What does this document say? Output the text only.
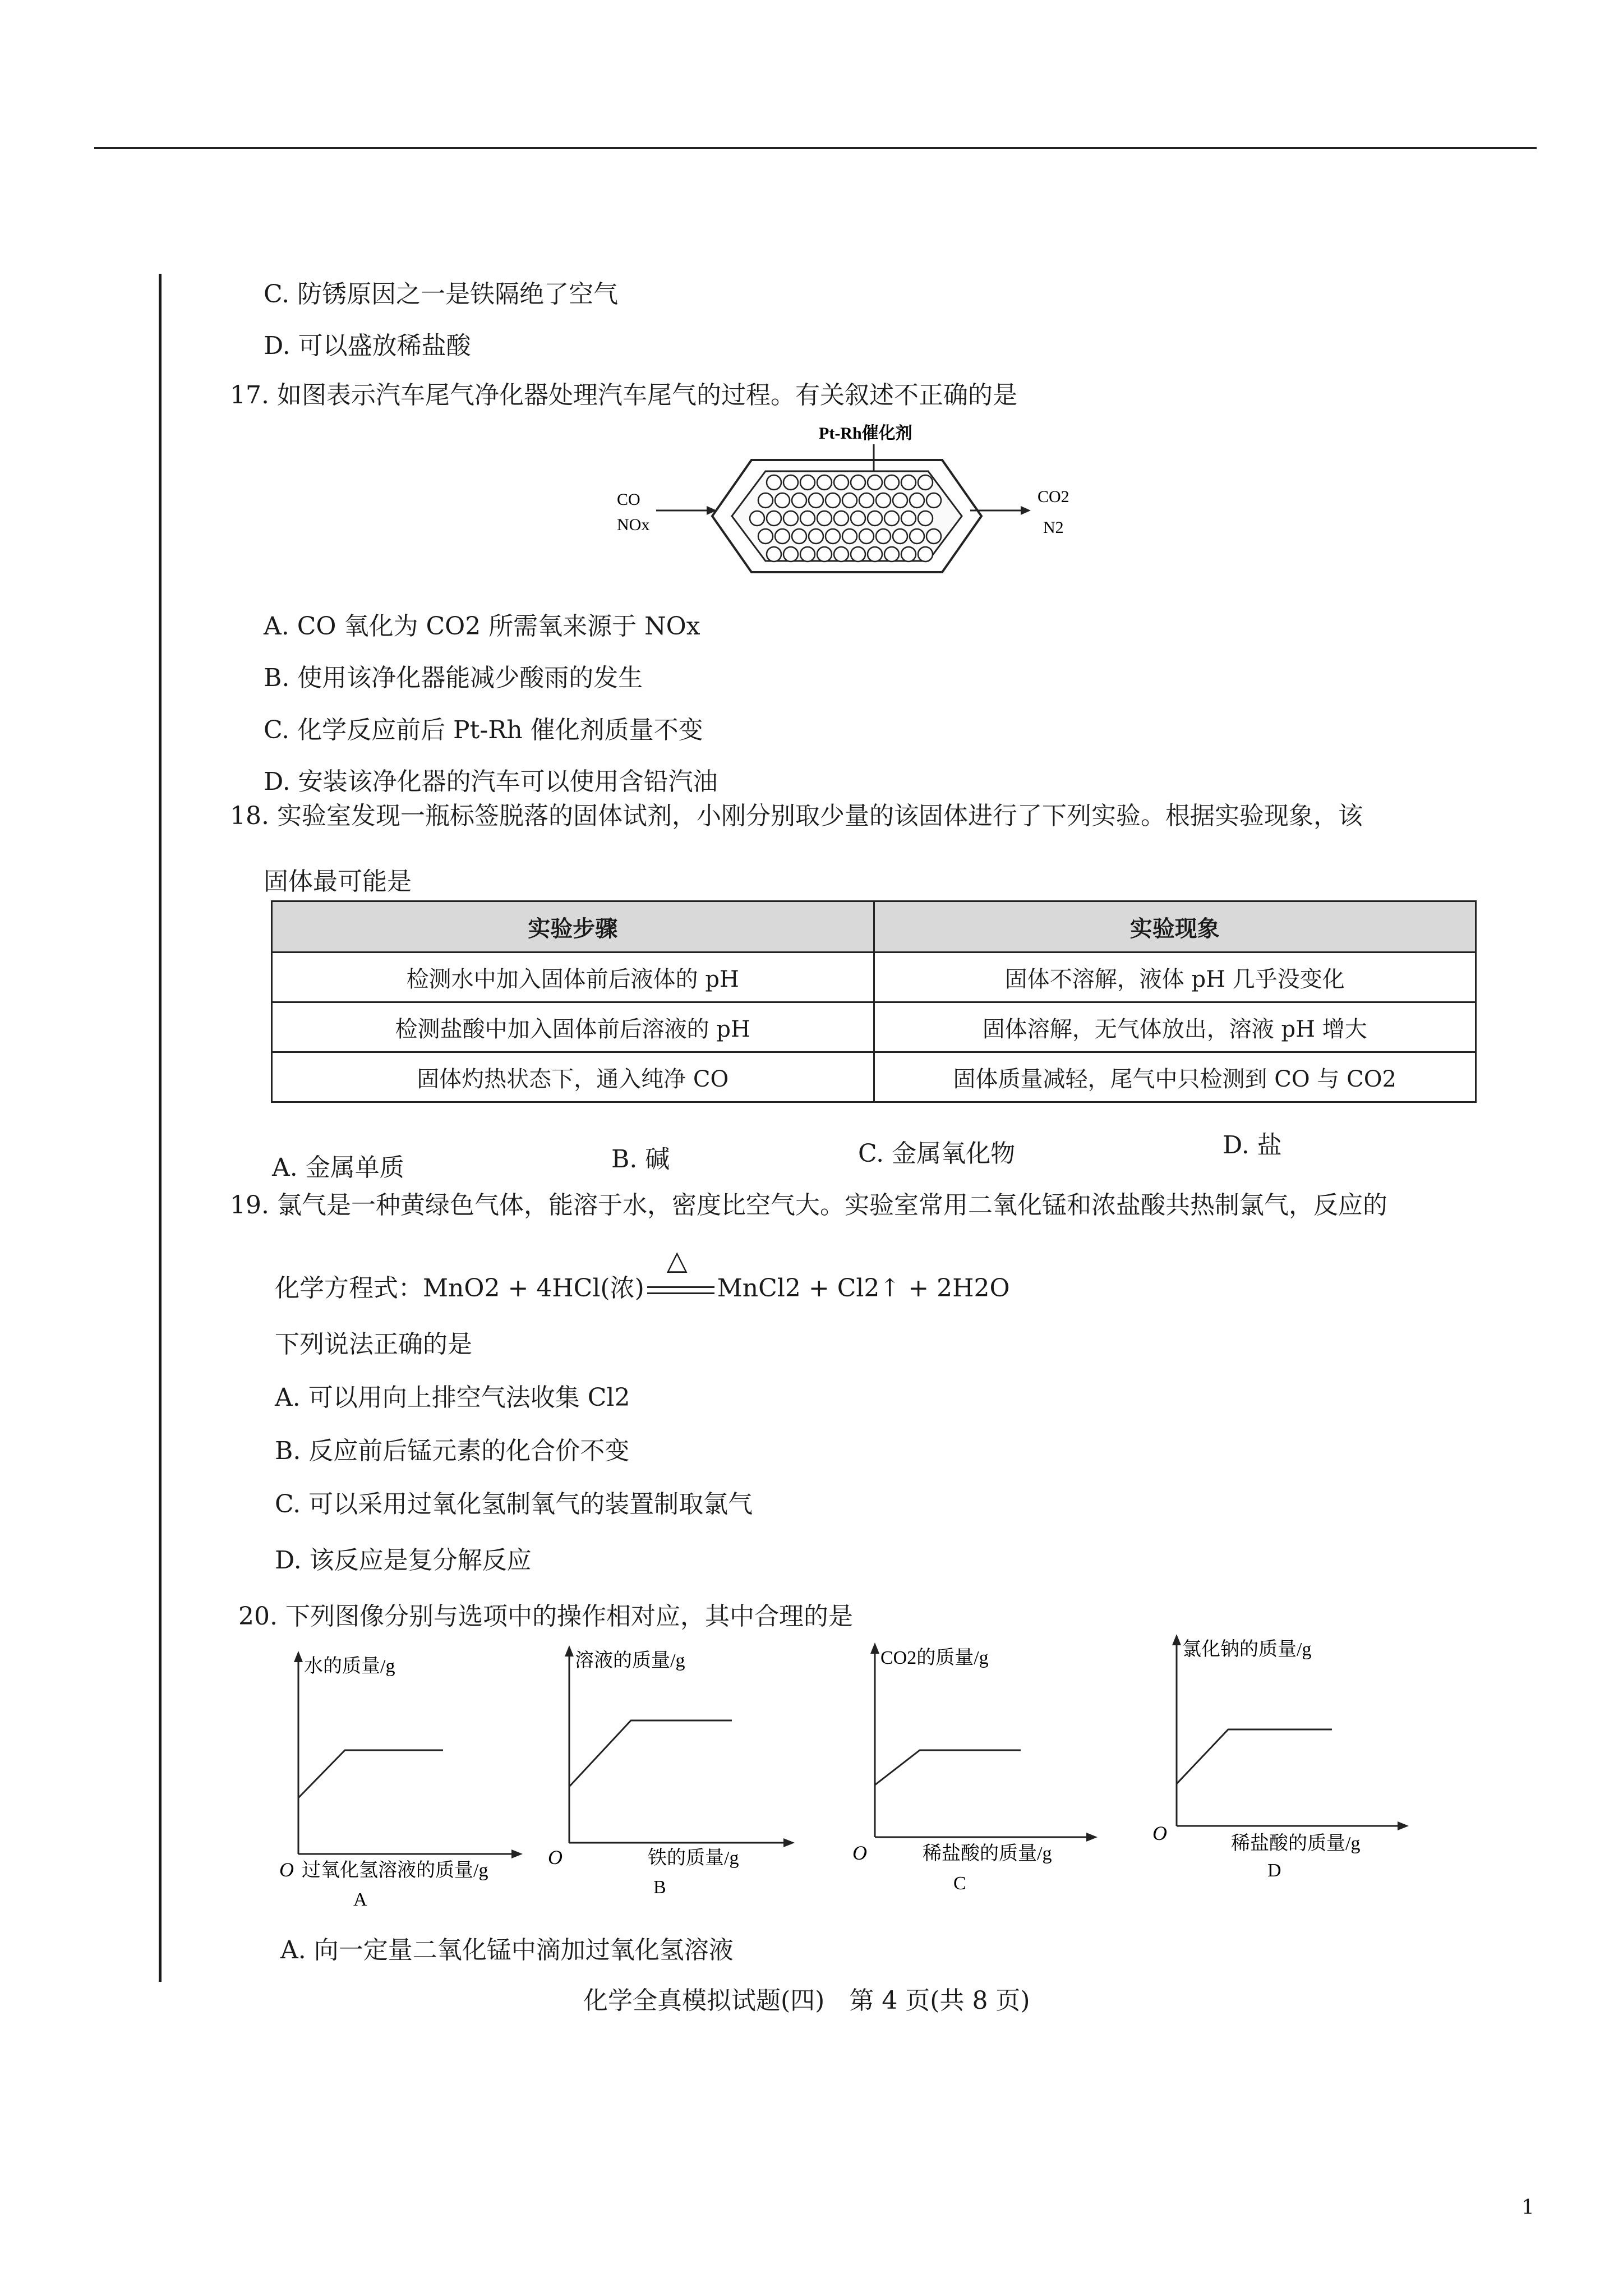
C. 防锈原因之一是铁隔绝了空气
D. 可以盛放稀盐酸
17. 如图表示汽车尾气净化器处理汽车尾气的过程。有关叙述不正确的是
Pt-Rh催化剂
CO
NOx
CO2
N2
A. CO 氧化为 CO2 所需氧来源于 NOx
B. 使用该净化器能减少酸雨的发生
C. 化学反应前后 Pt-Rh 催化剂质量不变
D. 安装该净化器的汽车可以使用含铅汽油
18. 实验室发现一瓶标签脱落的固体试剂，小刚分别取少量的该固体进行了下列实验。根据实验现象，该
固体最可能是
实验步骤	实验现象
检测水中加入固体前后液体的 pH	固体不溶解，液体 pH 几乎没变化
检测盐酸中加入固体前后溶液的 pH	固体溶解，无气体放出，溶液 pH 增大
固体灼热状态下，通入纯净 CO	固体质量减轻，尾气中只检测到 CO 与 CO2
A. 金属单质	B. 碱	C. 金属氧化物	D. 盐
19. 氯气是一种黄绿色气体，能溶于水，密度比空气大。实验室常用二氧化锰和浓盐酸共热制氯气，反应的
化学方程式：MnO2 + 4HCl(浓)
△
MnCl2 + Cl2↑ + 2H2O
下列说法正确的是
A. 可以用向上排空气法收集 Cl2
B. 反应前后锰元素的化合价不变
C. 可以采用过氧化氢制氧气的装置制取氯气
D. 该反应是复分解反应
20. 下列图像分别与选项中的操作相对应，其中合理的是
水的质量/g
O 过氧化氢溶液的质量/g
A
溶液的质量/g
O	铁的质量/g
B
CO2的质量/g
O	稀盐酸的质量/g
C
氯化钠的质量/g
O	稀盐酸的质量/g
D
A. 向一定量二氧化锰中滴加过氧化氢溶液
化学全真模拟试题(四)　第 4 页(共 8 页)
1
